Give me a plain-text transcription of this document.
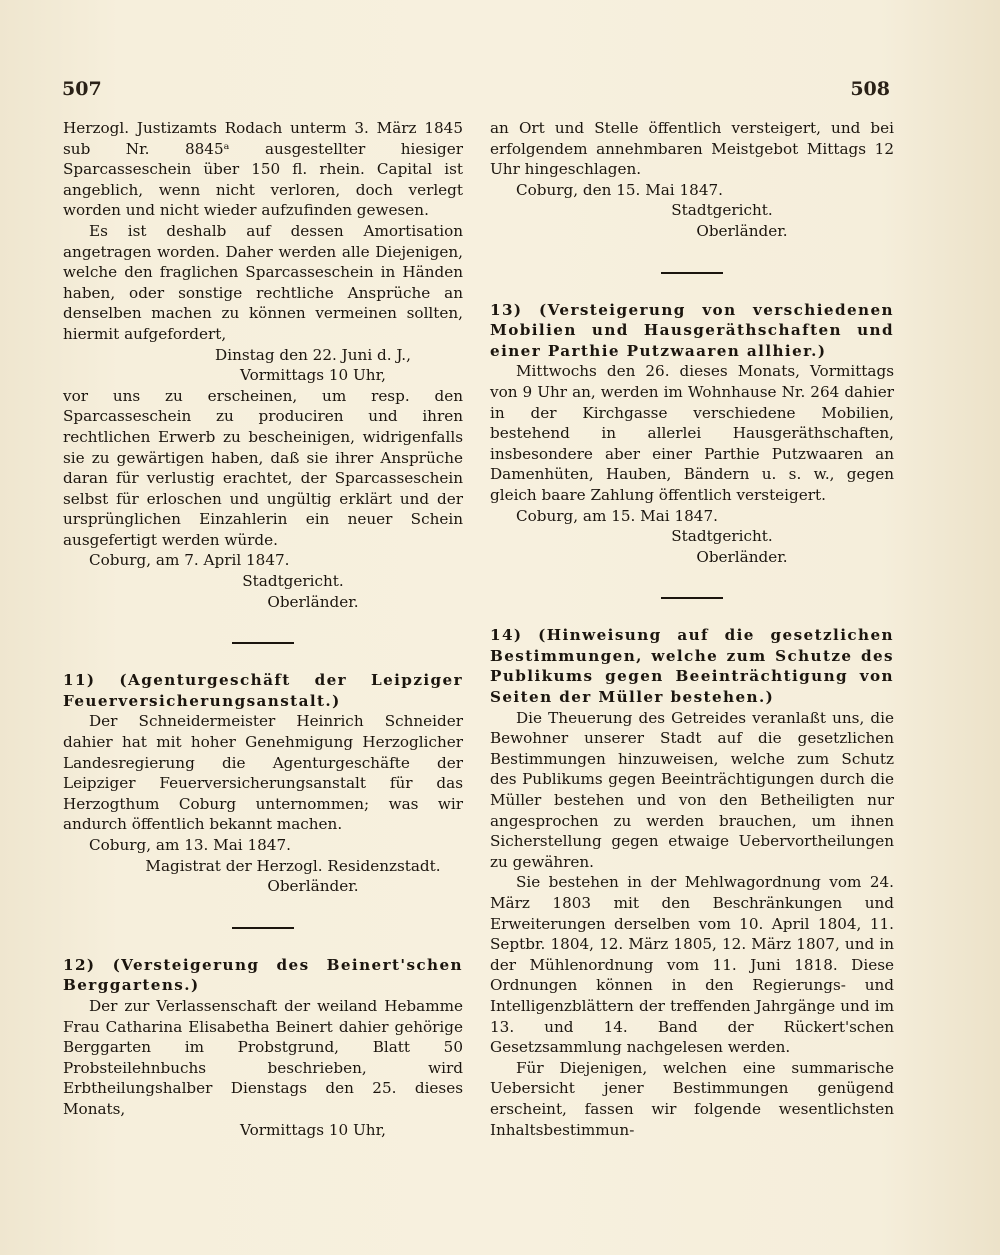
507	508

Herzogl. Justizamts Rodach unterm 3. März 1845 sub Nr. 8845ᵃ ausgestellter hiesiger Sparcasseschein über 150 fl. rhein. Capital ist angeblich, wenn nicht verloren, doch verlegt worden und nicht wieder aufzufinden gewesen.

Es ist deshalb auf dessen Amortisation angetragen worden. Daher werden alle Diejenigen, welche den fraglichen Sparcasseschein in Händen haben, oder sonstige rechtliche Ansprüche an denselben machen zu können vermeinen sollten, hiermit aufgefordert,

Dinstag den 22. Juni d. J.,

Vormittags 10 Uhr,

vor uns zu erscheinen, um resp. den Sparcasseschein zu produciren und ihren rechtlichen Erwerb zu bescheinigen, widrigenfalls sie zu gewärtigen haben, daß sie ihrer Ansprüche daran für verlustig erachtet, der Sparcasseschein selbst für erloschen und ungültig erklärt und der ursprünglichen Einzahlerin ein neuer Schein ausgefertigt werden würde.

Coburg, am 7. April 1847.

Stadtgericht.

Oberländer.

11) (Agenturgeschäft der Leipziger Feuerversicherungsanstalt.)

Der Schneidermeister Heinrich Schneider dahier hat mit hoher Genehmigung Herzoglicher Landesregierung die Agenturgeschäfte der Leipziger Feuerversicherungsanstalt für das Herzogthum Coburg unternommen; was wir andurch öffentlich bekannt machen.

Coburg, am 13. Mai 1847.

Magistrat der Herzogl. Residenzstadt.

Oberländer.

12) (Versteigerung des Beinert'schen Berggartens.)

Der zur Verlassenschaft der weiland Hebamme Frau Catharina Elisabetha Beinert dahier gehörige Berggarten im Probstgrund, Blatt 50 Probsteilehnbuchs beschrieben, wird Erbtheilungshalber Dienstags den 25. dieses Monats,

Vormittags 10 Uhr,

an Ort und Stelle öffentlich versteigert, und bei erfolgendem annehmbaren Meistgebot Mittags 12 Uhr hingeschlagen.

Coburg, den 15. Mai 1847.

Stadtgericht.

Oberländer.

13) (Versteigerung von verschiedenen Mobilien und Hausgeräthschaften und einer Parthie Putzwaaren allhier.)

Mittwochs den 26. dieses Monats, Vormittags von 9 Uhr an, werden im Wohnhause Nr. 264 dahier in der Kirchgasse verschiedene Mobilien, bestehend in allerlei Hausgeräthschaften, insbesondere aber einer Parthie Putzwaaren an Damenhüten, Hauben, Bändern u. s. w., gegen gleich baare Zahlung öffentlich versteigert.

Coburg, am 15. Mai 1847.

Stadtgericht.

Oberländer.

14) (Hinweisung auf die gesetzlichen Bestimmungen, welche zum Schutze des Publikums gegen Beeinträchtigung von Seiten der Müller bestehen.)

Die Theuerung des Getreides veranlaßt uns, die Bewohner unserer Stadt auf die gesetzlichen Bestimmungen hinzuweisen, welche zum Schutz des Publikums gegen Beeinträchtigungen durch die Müller bestehen und von den Betheiligten nur angesprochen zu werden brauchen, um ihnen Sicherstellung gegen etwaige Uebervortheilungen zu gewähren.

Sie bestehen in der Mehlwagordnung vom 24. März 1803 mit den Beschränkungen und Erweiterungen derselben vom 10. April 1804, 11. Septbr. 1804, 12. März 1805, 12. März 1807, und in der Mühlenordnung vom 11. Juni 1818. Diese Ordnungen können in den Regierungs- und Intelligenzblättern der treffenden Jahrgänge und im 13. und 14. Band der Rückert'schen Gesetzsammlung nachgelesen werden.

Für Diejenigen, welchen eine summarische Uebersicht jener Bestimmungen genügend erscheint, fassen wir folgende wesentlichsten Inhaltsbestimmun-
